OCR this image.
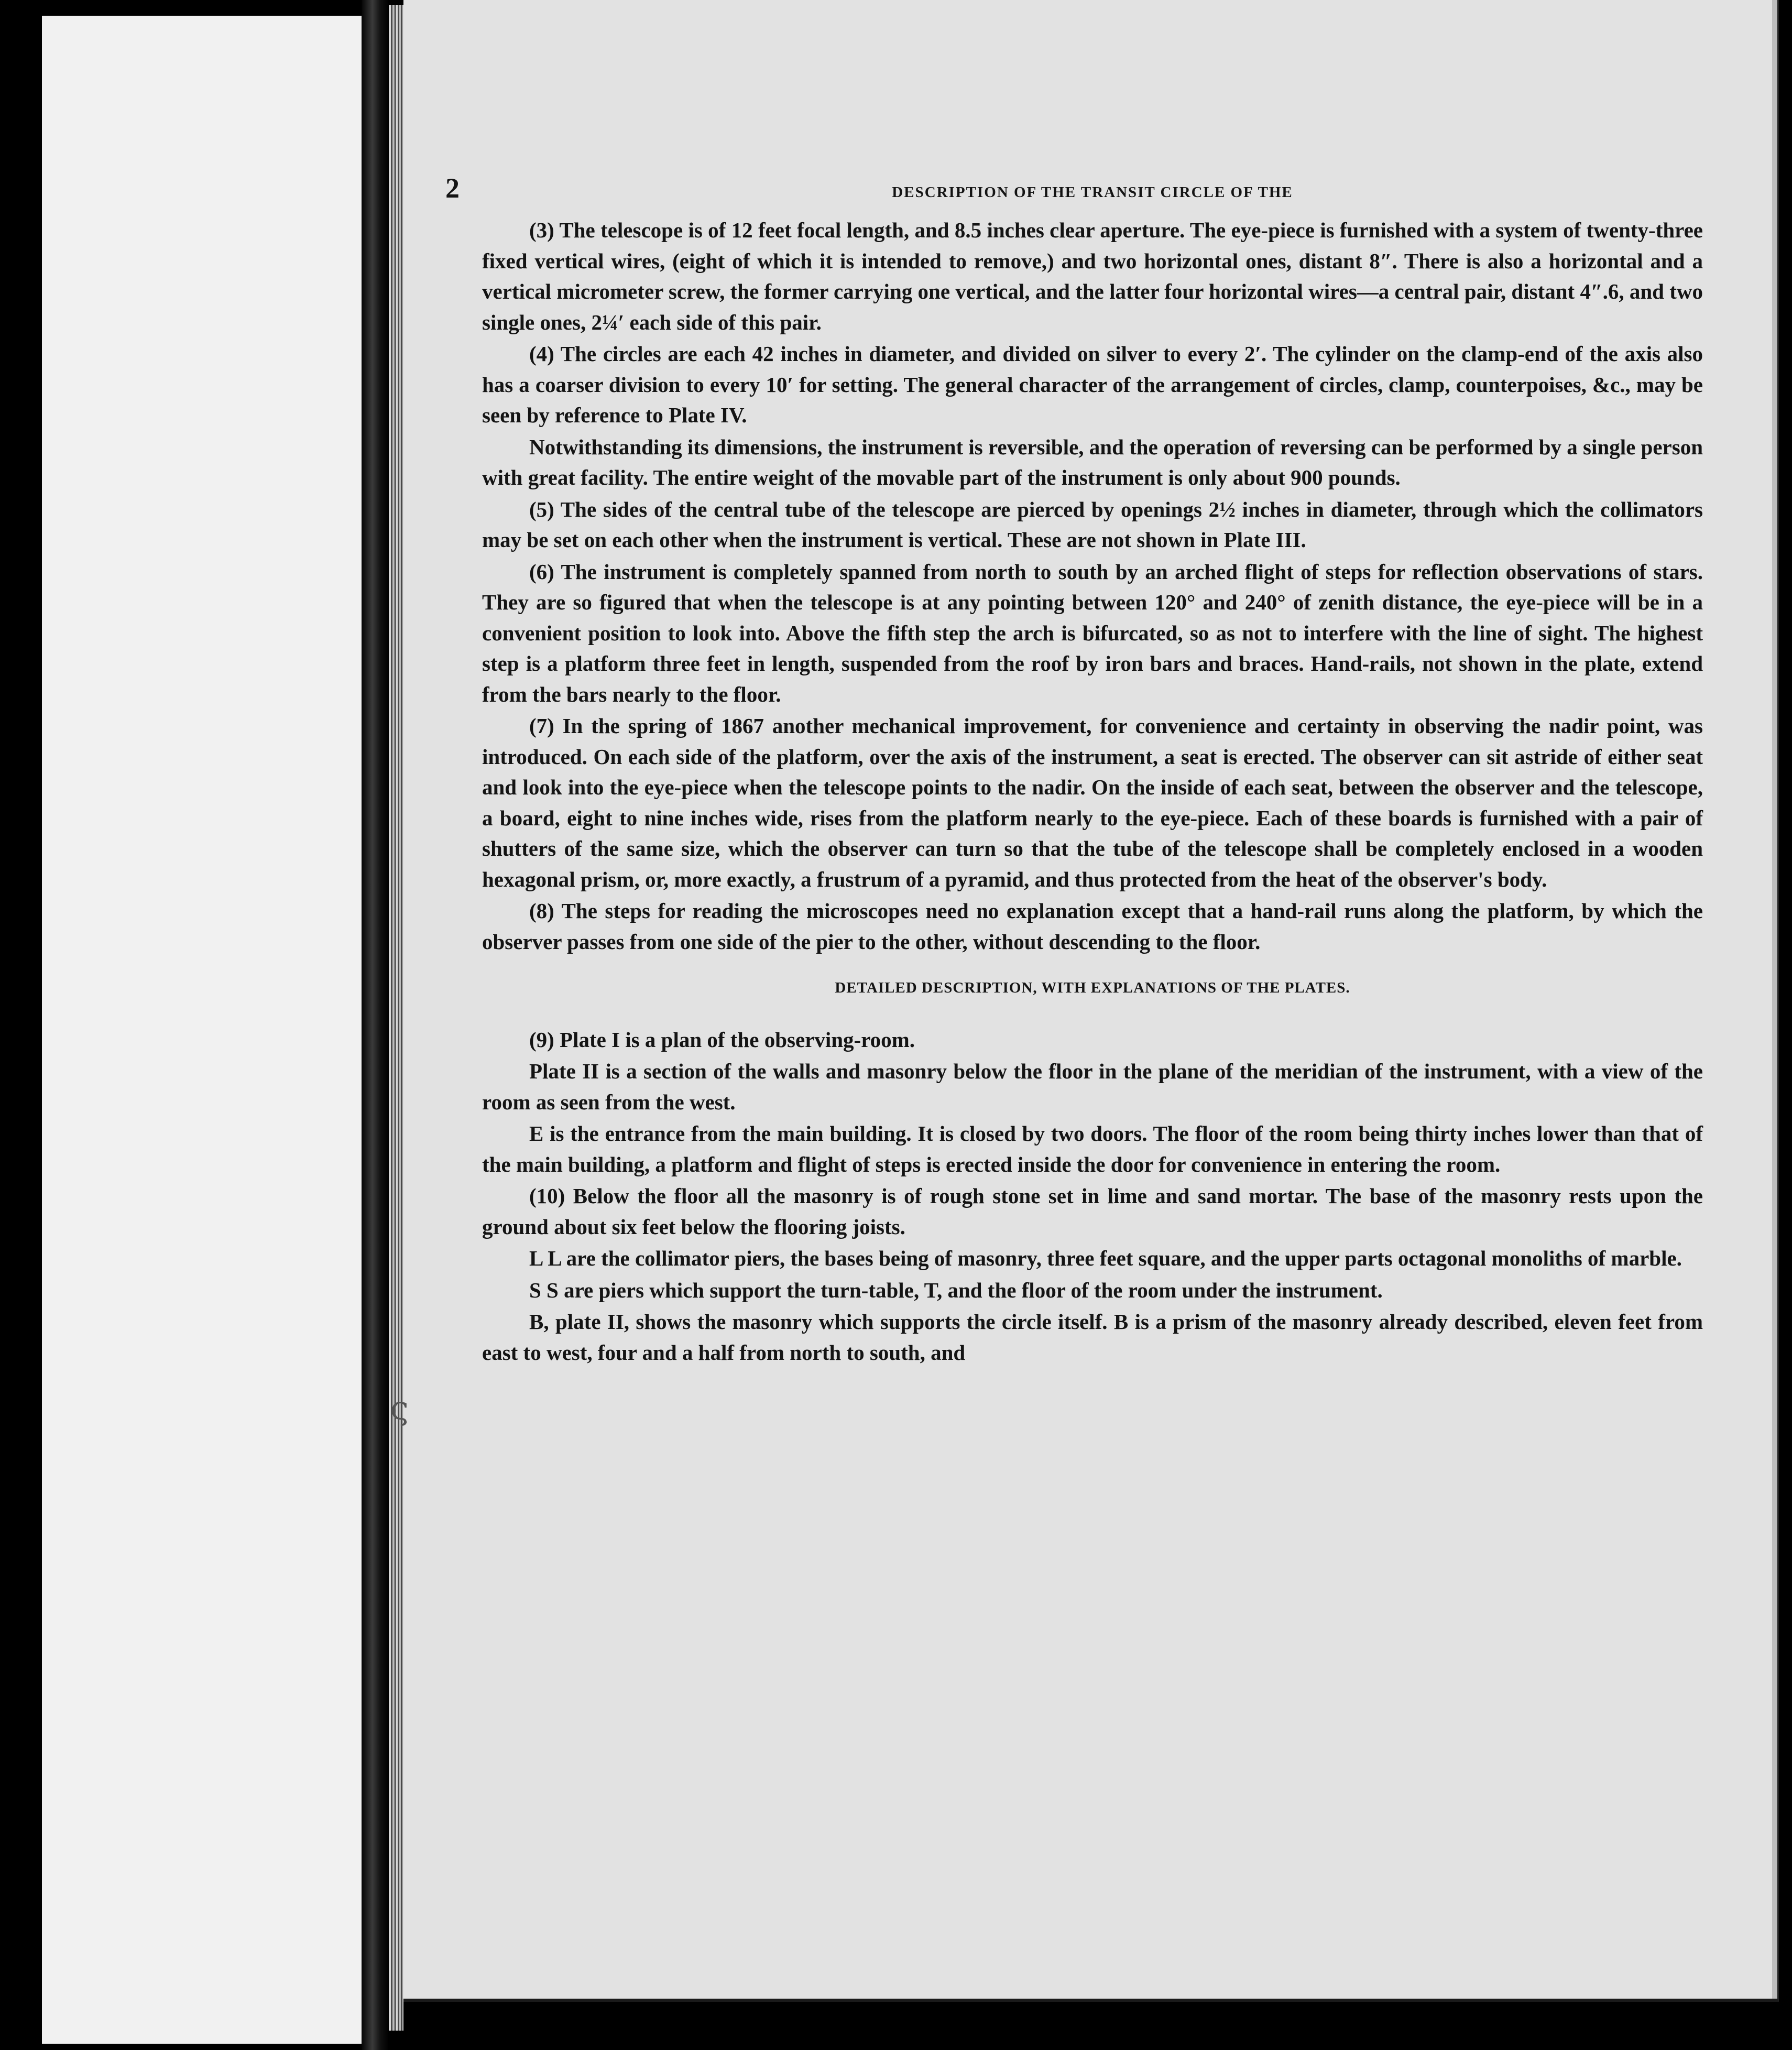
ς
2	DESCRIPTION OF THE TRANSIT CIRCLE OF THE

(3) The telescope is of 12 feet focal length, and 8.5 inches clear aperture. The eye-piece is furnished with a system of twenty-three fixed vertical wires, (eight of which it is intended to remove,) and two horizontal ones, distant 8″. There is also a horizontal and a vertical micrometer screw, the former carrying one vertical, and the latter four horizontal wires—a central pair, distant 4″.6, and two single ones, 2¼′ each side of this pair.

(4) The circles are each 42 inches in diameter, and divided on silver to every 2′. The cylinder on the clamp-end of the axis also has a coarser division to every 10′ for setting. The general character of the arrangement of circles, clamp, counterpoises, &c., may be seen by reference to Plate IV.

Notwithstanding its dimensions, the instrument is reversible, and the operation of reversing can be performed by a single person with great facility. The entire weight of the movable part of the instrument is only about 900 pounds.

(5) The sides of the central tube of the telescope are pierced by openings 2½ inches in diameter, through which the collimators may be set on each other when the instrument is vertical. These are not shown in Plate III.

(6) The instrument is completely spanned from north to south by an arched flight of steps for reflection observations of stars. They are so figured that when the telescope is at any pointing between 120° and 240° of zenith distance, the eye-piece will be in a convenient position to look into. Above the fifth step the arch is bifurcated, so as not to interfere with the line of sight. The highest step is a platform three feet in length, suspended from the roof by iron bars and braces. Hand-rails, not shown in the plate, extend from the bars nearly to the floor.

(7) In the spring of 1867 another mechanical improvement, for convenience and certainty in observing the nadir point, was introduced. On each side of the platform, over the axis of the instrument, a seat is erected. The observer can sit astride of either seat and look into the eye-piece when the telescope points to the nadir. On the inside of each seat, between the observer and the telescope, a board, eight to nine inches wide, rises from the platform nearly to the eye-piece. Each of these boards is furnished with a pair of shutters of the same size, which the observer can turn so that the tube of the telescope shall be completely enclosed in a wooden hexagonal prism, or, more exactly, a frustrum of a pyramid, and thus protected from the heat of the observer's body.

(8) The steps for reading the microscopes need no explanation except that a hand-rail runs along the platform, by which the observer passes from one side of the pier to the other, without descending to the floor.

DETAILED DESCRIPTION, WITH EXPLANATIONS OF THE PLATES.

(9) Plate I is a plan of the observing-room.

Plate II is a section of the walls and masonry below the floor in the plane of the meridian of the instrument, with a view of the room as seen from the west.

E is the entrance from the main building. It is closed by two doors. The floor of the room being thirty inches lower than that of the main building, a platform and flight of steps is erected inside the door for convenience in entering the room.

(10) Below the floor all the masonry is of rough stone set in lime and sand mortar. The base of the masonry rests upon the ground about six feet below the flooring joists.

L L are the collimator piers, the bases being of masonry, three feet square, and the upper parts octagonal monoliths of marble.

S S are piers which support the turn-table, T, and the floor of the room under the instrument.

B, plate II, shows the masonry which supports the circle itself. B is a prism of the masonry already described, eleven feet from east to west, four and a half from north to south, and
